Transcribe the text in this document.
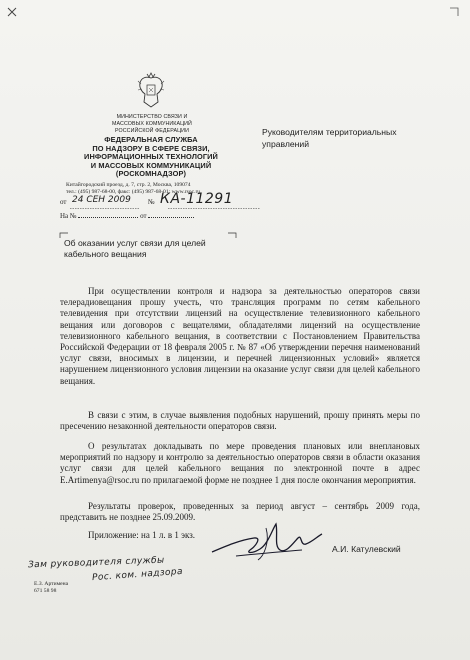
МИНИСТЕРСТВО СВЯЗИ И
МАССОВЫХ КОММУНИКАЦИЙ
РОССИЙСКОЙ ФЕДЕРАЦИИ
ФЕДЕРАЛЬНАЯ СЛУЖБА
ПО НАДЗОРУ В СФЕРЕ СВЯЗИ,
ИНФОРМАЦИОННЫХ ТЕХНОЛОГИЙ
И МАССОВЫХ КОММУНИКАЦИЙ
(РОСКОМНАДЗОР)
Китайгородский проезд, д. 7, стр. 2, Москва, 109074
тел.: (495) 987-68-00, факс: (495) 987-68-01; www.rsoc.ru
от 24 СЕН 2009 № КА-11291
На №	от
Руководителям территориальных
управлений
Об оказании услуг связи для целей
кабельного вещания
При осуществлении контроля и надзора за деятельностью операторов связи телерадиовещания прошу учесть, что трансляция программ по сетям кабельного телевидения при отсутствии лицензий на осуществление телевизионного кабельного вещания или договоров с вещателями, обладателями лицензий на осуществление телевизионного кабельного вещания, в соответствии с Постановлением Правительства Российской Федерации от 18 февраля 2005 г. № 87 «Об утверждении перечня наименований услуг связи, вносимых в лицензии, и перечней лицензионных условий» является нарушением лицензионного условия лицензии на оказание услуг связи для целей кабельного вещания.
В связи с этим, в случае выявления подобных нарушений, прошу принять меры по пресечению незаконной деятельности операторов связи.
О результатах докладывать по мере проведения плановых или внеплановых мероприятий по надзору и контролю за деятельностью операторов связи в области оказания услуг связи для целей кабельного вещания по электронной почте в адрес E.Artimenya@rsoc.ru по прилагаемой форме не позднее 1 дня после окончания мероприятия.
Результаты проверок, проведенных за период август – сентябрь 2009 года, представить не позднее 25.09.2009.
Приложение: на 1 л. в 1 экз.
А.И. Катулевский
Зам руководителя службы
Рос. ком. надзора
Е.З. Артимена
671 58 98
